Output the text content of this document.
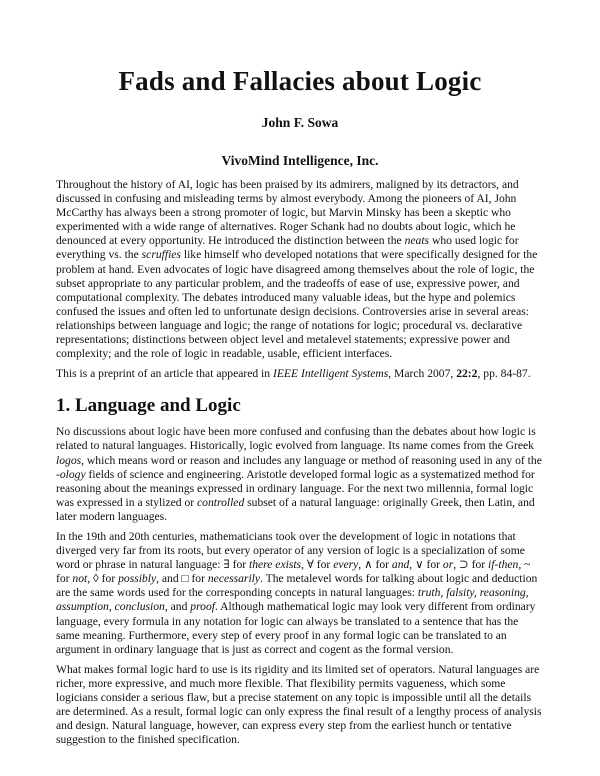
Fads and Fallacies about Logic
John F. Sowa
VivoMind Intelligence, Inc.

Throughout the history of AI, logic has been praised by its admirers, maligned by its detractors, and discussed in confusing and misleading terms by almost everybody. Among the pioneers of AI, John McCarthy has always been a strong promoter of logic, but Marvin Minsky has been a skeptic who experimented with a wide range of alternatives. Roger Schank had no doubts about logic, which he denounced at every opportunity. He introduced the distinction between the neats who used logic for everything vs. the scruffies like himself who developed notations that were specifically designed for the problem at hand. Even advocates of logic have disagreed among themselves about the role of logic, the subset appropriate to any particular problem, and the tradeoffs of ease of use, expressive power, and computational complexity. The debates introduced many valuable ideas, but the hype and polemics confused the issues and often led to unfortunate design decisions. Controversies arise in several areas: relationships between language and logic; the range of notations for logic; procedural vs. declarative representations; distinctions between object level and metalevel statements; expressive power and complexity; and the role of logic in readable, usable, efficient interfaces.

This is a preprint of an article that appeared in IEEE Intelligent Systems, March 2007, 22:2, pp. 84-87.

1. Language and Logic

No discussions about logic have been more confused and confusing than the debates about how logic is related to natural languages. Historically, logic evolved from language. Its name comes from the Greek logos, which means word or reason and includes any language or method of reasoning used in any of the -ology fields of science and engineering. Aristotle developed formal logic as a systematized method for reasoning about the meanings expressed in ordinary language. For the next two millennia, formal logic was expressed in a stylized or controlled subset of a natural language: originally Greek, then Latin, and later modern languages.

In the 19th and 20th centuries, mathematicians took over the development of logic in notations that diverged very far from its roots, but every operator of any version of logic is a specialization of some word or phrase in natural language: ∃ for there exists, ∀ for every, ∧ for and, ∨ for or, ⊃ for if-then, ~ for not, ◊ for possibly, and □ for necessarily. The metalevel words for talking about logic and deduction are the same words used for the corresponding concepts in natural languages: truth, falsity, reasoning, assumption, conclusion, and proof. Although mathematical logic may look very different from ordinary language, every formula in any notation for logic can always be translated to a sentence that has the same meaning. Furthermore, every step of every proof in any formal logic can be translated to an argument in ordinary language that is just as correct and cogent as the formal version.

What makes formal logic hard to use is its rigidity and its limited set of operators. Natural languages are richer, more expressive, and much more flexible. That flexibility permits vagueness, which some logicians consider a serious flaw, but a precise statement on any topic is impossible until all the details are determined. As a result, formal logic can only express the final result of a lengthy process of analysis and design. Natural language, however, can express every step from the earliest hunch or tentative suggestion to the finished specification.
